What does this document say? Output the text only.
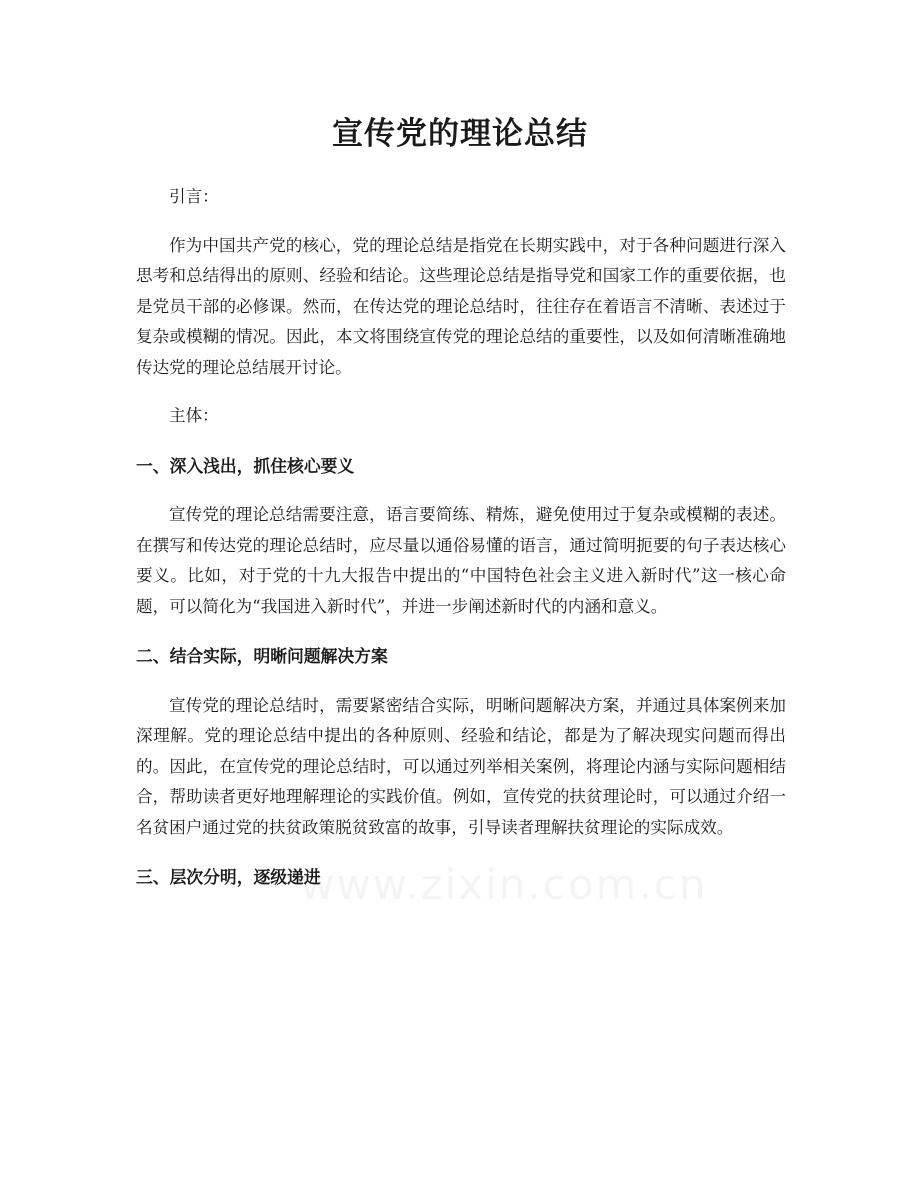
宣传党的理论总结

引言：

作为中国共产党的核心，党的理论总结是指党在长期实践中，对于各种问题进行深入思考和总结得出的原则、经验和结论。这些理论总结是指导党和国家工作的重要依据，也是党员干部的必修课。然而，在传达党的理论总结时，往往存在着语言不清晰、表述过于复杂或模糊的情况。因此，本文将围绕宣传党的理论总结的重要性，以及如何清晰准确地传达党的理论总结展开讨论。

主体：

一、深入浅出，抓住核心要义

宣传党的理论总结需要注意，语言要简练、精炼，避免使用过于复杂或模糊的表述。在撰写和传达党的理论总结时，应尽量以通俗易懂的语言，通过简明扼要的句子表达核心要义。比如，对于党的十九大报告中提出的“中国特色社会主义进入新时代”这一核心命题，可以简化为“我国进入新时代”，并进一步阐述新时代的内涵和意义。

二、结合实际，明晰问题解决方案

宣传党的理论总结时，需要紧密结合实际，明晰问题解决方案，并通过具体案例来加深理解。党的理论总结中提出的各种原则、经验和结论，都是为了解决现实问题而得出的。因此，在宣传党的理论总结时，可以通过列举相关案例，将理论内涵与实际问题相结合，帮助读者更好地理解理论的实践价值。例如，宣传党的扶贫理论时，可以通过介绍一名贫困户通过党的扶贫政策脱贫致富的故事，引导读者理解扶贫理论的实际成效。

三、层次分明，逐级递进
